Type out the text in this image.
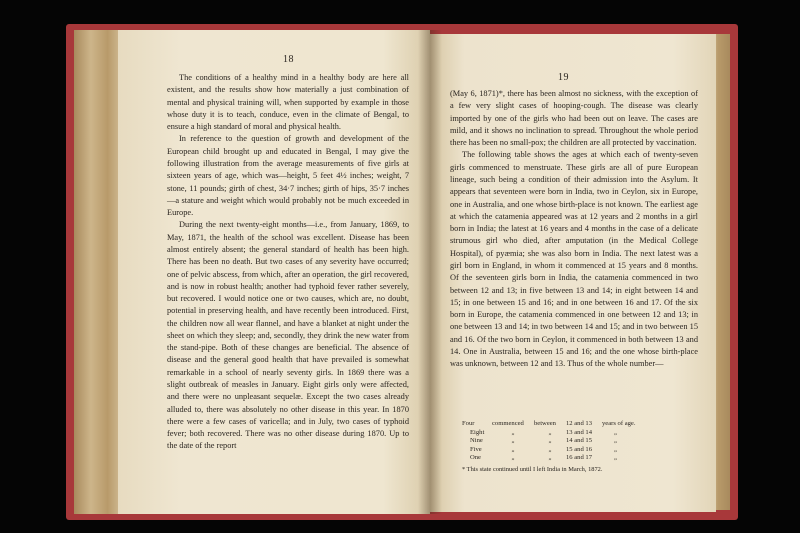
18

The conditions of a healthy mind in a healthy body are here all existent, and the results show how materially a just combination of mental and physical training will, when supported by example in those whose duty it is to teach, conduce, even in the climate of Bengal, to ensure a high standard of moral and physical health.

In reference to the question of growth and development of the European child brought up and educated in Bengal, I may give the following illustration from the average measurements of five girls at sixteen years of age, which was—height, 5 feet 4½ inches; weight, 7 stone, 11 pounds; girth of chest, 34·7 inches; girth of hips, 35·7 inches—a stature and weight which would probably not be much exceeded in Europe.

During the next twenty-eight months—i.e., from January, 1869, to May, 1871, the health of the school was excellent. Disease has been almost entirely absent; the general standard of health has been high. There has been no death. But two cases of any severity have occurred; one of pelvic abscess, from which, after an operation, the girl recovered, and is now in robust health; another had typhoid fever rather severely, but recovered. I would notice one or two causes, which are, no doubt, potential in preserving health, and have recently been introduced. First, the children now all wear flannel, and have a blanket at night under the sheet on which they sleep; and, secondly, they drink the new water from the stand-pipe. Both of these changes are beneficial. The absence of disease and the general good health that have prevailed is somewhat remarkable in a school of nearly seventy girls. In 1869 there was a slight outbreak of measles in January. Eight girls only were affected, and there were no unpleasant sequelæ. Except the two cases already alluded to, there was absolutely no other disease in this year. In 1870 there were a few cases of varicella; and in July, two cases of typhoid fever; both recovered. There was no other disease during 1870. Up to the date of the report

19

(May 6, 1871)*, there has been almost no sickness, with the exception of a few very slight cases of hooping-cough. The disease was clearly imported by one of the girls who had been out on leave. The cases are mild, and it shows no inclination to spread. Throughout the whole period there has been no small-pox; the children are all protected by vaccination.

The following table shows the ages at which each of twenty-seven girls commenced to menstruate. These girls are all of pure European lineage, such being a condition of their admission into the Asylum. It appears that seventeen were born in India, two in Ceylon, six in Europe, one in Australia, and one whose birth-place is not known. The earliest age at which the catamenia appeared was at 12 years and 2 months in a girl born in India; the latest at 16 years and 4 months in the case of a delicate strumous girl who died, after amputation (in the Medical College Hospital), of pyæmia; she was also born in India. The next latest was a girl born in England, in whom it commenced at 15 years and 8 months. Of the seventeen girls born in India, the catamenia commenced in two between 12 and 13; in five between 13 and 14; in eight between 14 and 15; in one between 15 and 16; and in one between 16 and 17. Of the six born in Europe, the catamenia commenced in one between 12 and 13; in one between 13 and 14; in two between 14 and 15; and in two between 15 and 16. Of the two born in Ceylon, it commenced in both between 13 and 14. One in Australia, between 15 and 16; and the one whose birth-place was unknown, between 12 and 13. Thus of the whole number—

Four	commenced	between	12 and 13	years of age.
Eight	„	„	13 and 14	„
Nine	„	„	14 and 15	„
Five	„	„	15 and 16	„
One	„	„	16 and 17	„
* This state continued until I left India in March, 1872.
